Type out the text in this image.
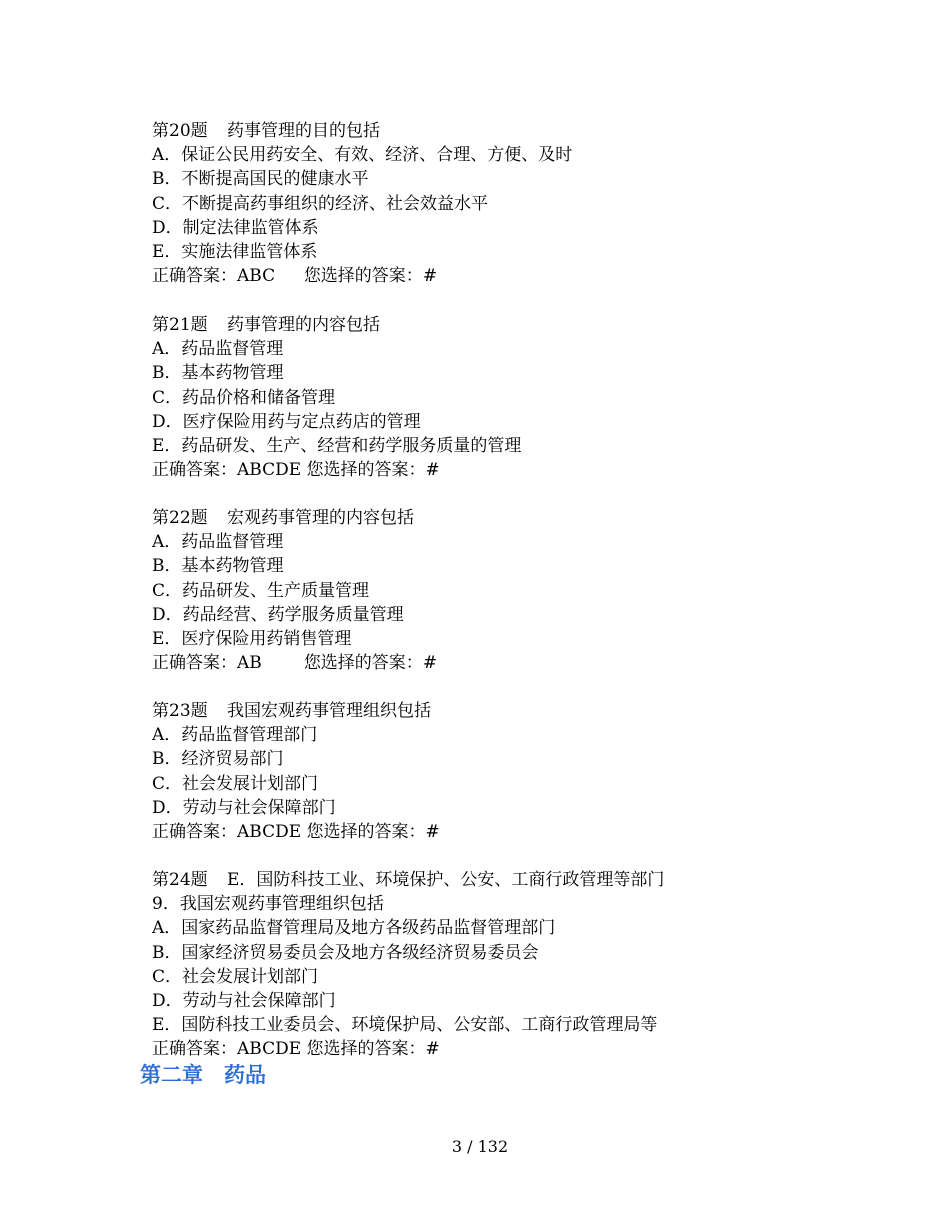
第20题 药事管理的目的包括
A．保证公民用药安全、有效、经济、合理、方便、及时
B．不断提高国民的健康水平
C．不断提高药事组织的经济、社会效益水平
D．制定法律监管体系
E．实施法律监管体系
正确答案：ABC 您选择的答案：#
第21题 药事管理的内容包括
A．药品监督管理
B．基本药物管理
C．药品价格和储备管理
D．医疗保险用药与定点药店的管理
E．药品研发、生产、经营和药学服务质量的管理
正确答案：ABCDE 您选择的答案：#
第22题 宏观药事管理的内容包括
A．药品监督管理
B．基本药物管理
C．药品研发、生产质量管理
D．药品经营、药学服务质量管理
E．医疗保险用药销售管理
正确答案：AB 您选择的答案：#
第23题 我国宏观药事管理组织包括
A．药品监督管理部门
B．经济贸易部门
C．社会发展计划部门
D．劳动与社会保障部门
正确答案：ABCDE 您选择的答案：#
第24题 E．国防科技工业、环境保护、公安、工商行政管理等部门
9．我国宏观药事管理组织包括
A．国家药品监督管理局及地方各级药品监督管理部门
B．国家经济贸易委员会及地方各级经济贸易委员会
C．社会发展计划部门
D．劳动与社会保障部门
E．国防科技工业委员会、环境保护局、公安部、工商行政管理局等
正确答案：ABCDE 您选择的答案：#
第二章　药品
3 / 132
